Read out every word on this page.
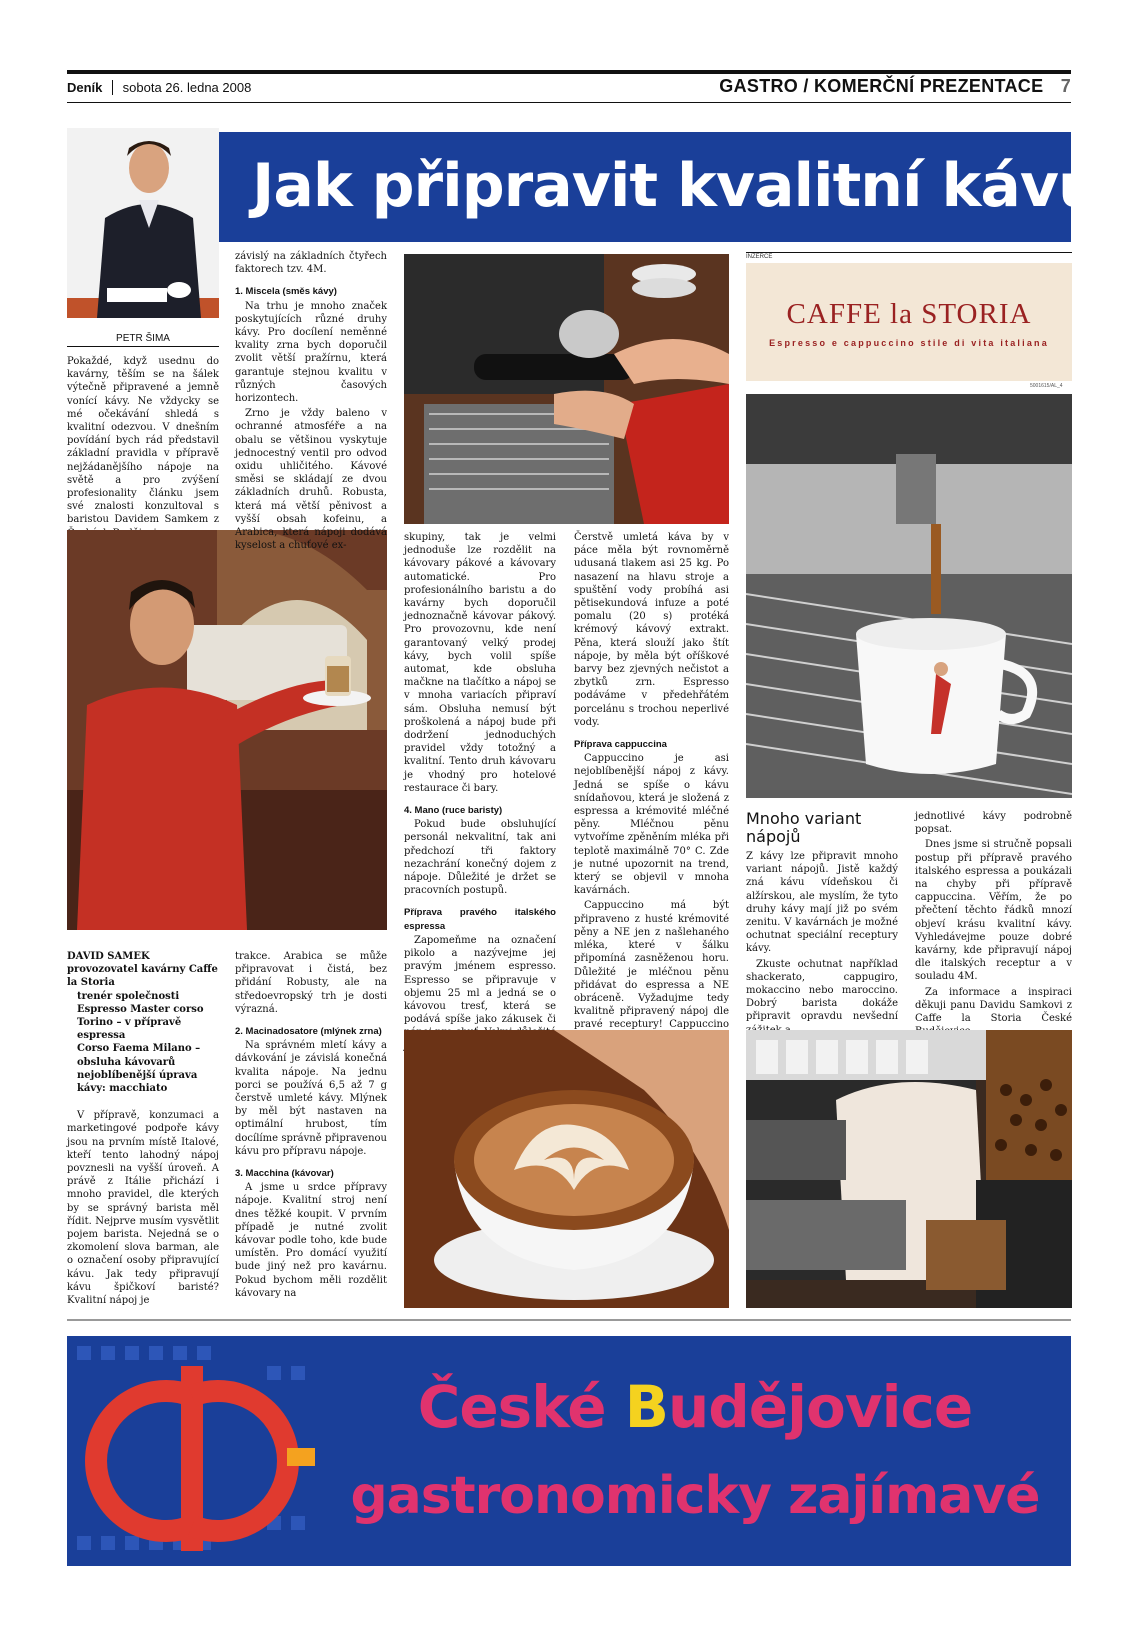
Deník sobota 26. ledna 2008	GASTRO / KOMERČNÍ PREZENTACE 7
Jak připravit kvalitní kávu?
PETR ŠIMA

Pokaždé, když usednu do kavárny, těším se na šálek výtečně připravené a jemně vonící kávy. Ne vždycky se mé očekávání shledá s kvalitní odezvou. V dnešním povídání bych rád představil základní pravidla v přípravě nejžádanějšího nápoje na světě a pro zvýšení profesionality článku jsem své znalosti konzultoval s baristou Davidem Samkem z

DAVID SAMEK
provozovatel kavárny Caffe la Storia
trenér společnosti Espresso Master corso Torino – v přípravě espressa
Corso Faema Milano – obsluha kávovarů
nejoblíbenější úprava kávy: macchiato

V přípravě, konzumaci a marketingové podpoře kávy jsou na prvním místě Italové, kteří tento lahodný nápoj povznesli na vyšší úroveň. A právě z Itálie přichází i mnoho pravidel, dle kterých by se správný barista měl řídit. Nejprve musím vysvětlit pojem barista. Nejedná se o zkomolení slova barman, ale o označení osoby připravující kávu. Jak tedy připravují kávu špičkoví baristé? Kvalitní nápoj je

závislý na základních čtyřech faktorech tzv. 4M.

1. Miscela (směs kávy)

Na trhu je mnoho značek poskytujících různé druhy kávy. Pro docílení neměnné kvality zrna bych doporučil zvolit větší pražírnu, která garantuje stejnou kvalitu v různých časových horizontech.

Zrno je vždy baleno v ochranné atmosféře a na obalu se většinou vyskytuje jednocestný ventil pro odvod oxidu uhličitého. Kávové směsi se skládají ze dvou základních druhů. Robusta, která má větší pěnivost a vyšší obsah kofeinu, a Arabica, která nápoji dodává kyselost a chuťové ex-

trakce. Arabica se může připravovat i čistá, bez přidání Robusty, ale na středoevropský trh je dosti výrazná.

2. Macinadosatore (mlýnek zrna)

Na správném mletí kávy a dávkování je závislá konečná kvalita nápoje. Na jednu porci se používá 6,5 až 7 g čerstvě umleté kávy. Mlýnek by měl být nastaven na optimální hrubost, tím docílíme správně připravenou kávu pro přípravu nápoje.

3. Macchina (kávovar)

A jsme u srdce přípravy nápoje. Kvalitní stroj není dnes těžké koupit. V prvním případě je nutné zvolit kávovar podle toho, kde bude umístěn. Pro domácí využití bude jiný než pro kavárnu. Pokud bychom měli rozdělit kávovary na

skupiny, tak je velmi jednoduše lze rozdělit na kávovary pákové a kávovary automatické. Pro profesionálního baristu a do kavárny bych doporučil jednoznačně kávovar pákový. Pro provozovnu, kde není garantovaný velký prodej kávy, bych volil spíše automat, kde obsluha mačkne na tlačítko a nápoj se v mnoha variacích připraví sám. Obsluha nemusí být proškolená a nápoj bude při dodržení jednoduchých pravidel vždy totožný a kvalitní. Tento druh kávovaru je vhodný pro hotelové restaurace či bary.

4. Mano (ruce baristy)

Pokud bude obsluhující personál nekvalitní, tak ani předchozí tři faktory nezachrání konečný dojem z nápoje. Důležité je držet se pracovních postupů.

Příprava pravého italského espressa

Zapomeňme na označení pikolo a nazývejme jej pravým jménem espresso. Espresso se připravuje v objemu 25 ml a jedná se o kávovou tresť, která se podává spíše jako zákusek či

Čerstvě umletá káva by v páce měla být rovnoměrně udusaná tlakem asi 25 kg. Po nasazení na hlavu stroje a spuštění vody probíhá asi pětisekundová infuze a poté pomalu (20 s) protéká krémový kávový extrakt. Pěna, která slouží jako štít nápoje, by měla být oříškové barvy bez zjevných nečistot a zbytků zrn. Espresso podáváme v předehřátém porcelánu s trochou neperlivé vody.

Příprava cappuccina

Cappuccino je asi nejoblíbenější nápoj z kávy. Jedná se spíše o kávu snídaňovou, která je složená z espressa a krémovité mléčné pěny. Mléčnou pěnu vytvoříme zpěněním mléka při teplotě maximálně 70° C. Zde je nutné upozornit na trend, který se objevil v mnoha kavárnách.

Cappuccino má být připraveno z husté krémovité pěny a NE jen z našlehaného mléka, které v šálku připomíná zasněženou horu. Důležité je mléčnou pěnu přidávat do espressa a NE obráceně. Vyžadujme tedy kvalitně připravený nápoj dle pravé receptury! Cappuccino

INZERCE
CAFFE la STORIA
Espresso e cappuccino stile di vita italiana
5001615/AL_4
Mnoho variant nápojů

Z kávy lze připravit mnoho variant nápojů. Jistě každý zná kávu vídeňskou či alžírskou, ale myslím, že tyto druhy kávy mají již po svém zenitu. V kavárnách je možné ochutnat speciální receptury kávy.

Zkuste ochutnat například shackerato, cappugiro, mokaccino nebo maroccino. Dobrý barista dokáže připravit opravdu nevšední

jednotlivé kávy podrobně popsat.

Dnes jsme si stručně popsali postup při přípravě pravého italského espressa a poukázali na chyby při přípravě cappuccina. Věřím, že po přečtení těchto řádků mnozí objeví krásu kvalitní kávy. Vyhledávejme pouze dobré kavárny, kde připravují nápoj dle italských receptur a v souladu 4M.

Za informace a inspiraci děkuji panu Davidu Samkovi z Caffe la Storia České

České Budějovice
gastronomicky zajímavé
